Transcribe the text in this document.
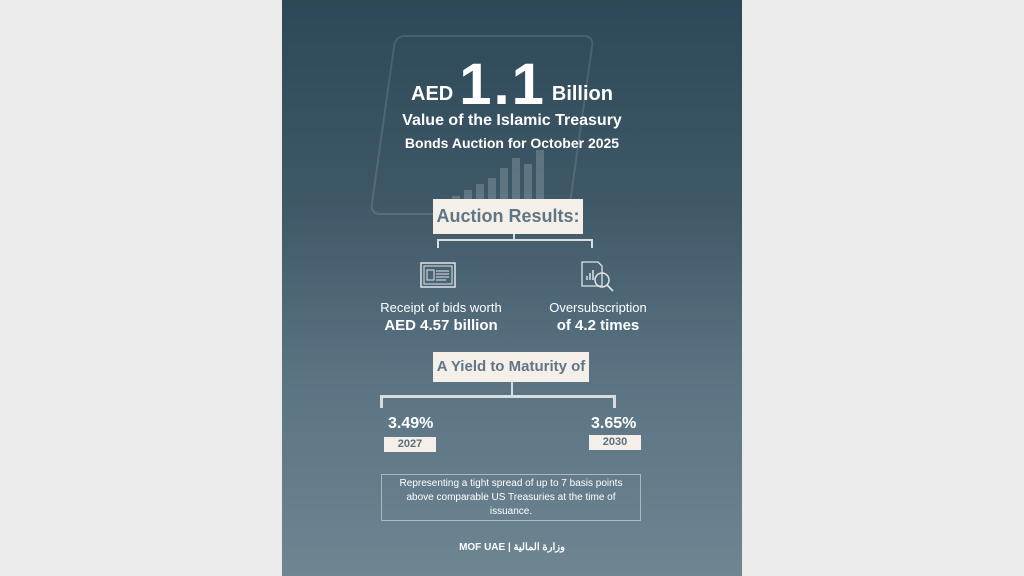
AED 1.1 Billion
Value of the Islamic Treasury
Bonds Auction for October 2025
Auction Results:
Receipt of bids worth
AED 4.57 billion
Oversubscription
of 4.2 times
A Yield to Maturity of
3.49%
2027
3.65%
2030
Representing a tight spread of up to 7 basis points above comparable US Treasuries at the time of issuance.
MOF UAE | وزارة المالية
